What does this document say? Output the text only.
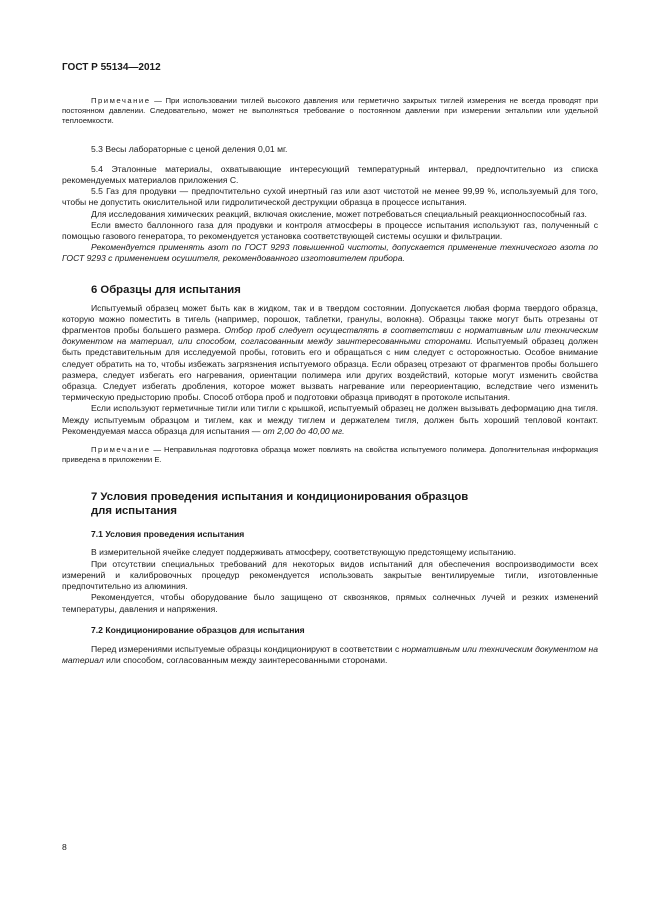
ГОСТ Р 55134—2012

Примечание — При использовании тиглей высокого давления или герметично закрытых тиглей измерения не всегда проводят при постоянном давлении. Следовательно, может не выполняться требование о постоянном давлении при измерении энтальпии или удельной теплоемкости.

5.3 Весы лабораторные с ценой деления 0,01 мг.

5.4 Эталонные материалы, охватывающие интересующий температурный интервал, предпочтительно из списка рекомендуемых материалов приложения С.

5.5 Газ для продувки — предпочтительно сухой инертный газ или азот чистотой не менее 99,99 %, используемый для того, чтобы не допустить окислительной или гидролитической деструкции образца в процессе испытания.

Для исследования химических реакций, включая окисление, может потребоваться специальный реакционноспособный газ.

Если вместо баллонного газа для продувки и контроля атмосферы в процессе испытания используют газ, полученный с помощью газового генератора, то рекомендуется установка соответствующей системы осушки и фильтрации.

Рекомендуется применять азот по ГОСТ 9293 повышенной чистоты, допускается применение технического азота по ГОСТ 9293 с применением осушителя, рекомендованного изготовителем прибора.

6 Образцы для испытания

Испытуемый образец может быть как в жидком, так и в твердом состоянии. Допускается любая форма твердого образца, которую можно поместить в тигель (например, порошок, таблетки, гранулы, волокна). Образцы также могут быть отрезаны от фрагментов пробы большего размера. Отбор проб следует осуществлять в соответствии с нормативным или техническим документом на материал, или способом, согласованным между заинтересованными сторонами. Испытуемый образец должен быть представительным для исследуемой пробы, готовить его и обращаться с ним следует с осторожностью. Особое внимание следует обратить на то, чтобы избежать загрязнения испытуемого образца. Если образец отрезают от фрагментов пробы большего размера, следует избегать его нагревания, ориентации полимера или других воздействий, которые могут изменить свойства образца. Следует избегать дробления, которое может вызвать нагревание или переориентацию, вследствие чего изменить термическую предысторию пробы. Способ отбора проб и подготовки образца приводят в протоколе испытания.

Если используют герметичные тигли или тигли с крышкой, испытуемый образец не должен вызывать деформацию дна тигля. Между испытуемым образцом и тиглем, как и между тиглем и держателем тигля, должен быть хороший тепловой контакт. Рекомендуемая масса образца для испытания — от 2,00 до 40,00 мг.

Примечание — Неправильная подготовка образца может повлиять на свойства испытуемого полимера. Дополнительная информация приведена в приложении Е.

7 Условия проведения испытания и кондиционирования образцов
для испытания
7.1 Условия проведения испытания

В измерительной ячейке следует поддерживать атмосферу, соответствующую предстоящему испытанию.

При отсутствии специальных требований для некоторых видов испытаний для обеспечения воспроизводимости всех измерений и калибровочных процедур рекомендуется использовать закрытые вентилируемые тигли, изготовленные предпочтительно из алюминия.

Рекомендуется, чтобы оборудование было защищено от сквозняков, прямых солнечных лучей и резких изменений температуры, давления и напряжения.

7.2 Кондиционирование образцов для испытания

Перед измерениями испытуемые образцы кондиционируют в соответствии с нормативным или техническим документом на материал или способом, согласованным между заинтересованными сторонами.

8
